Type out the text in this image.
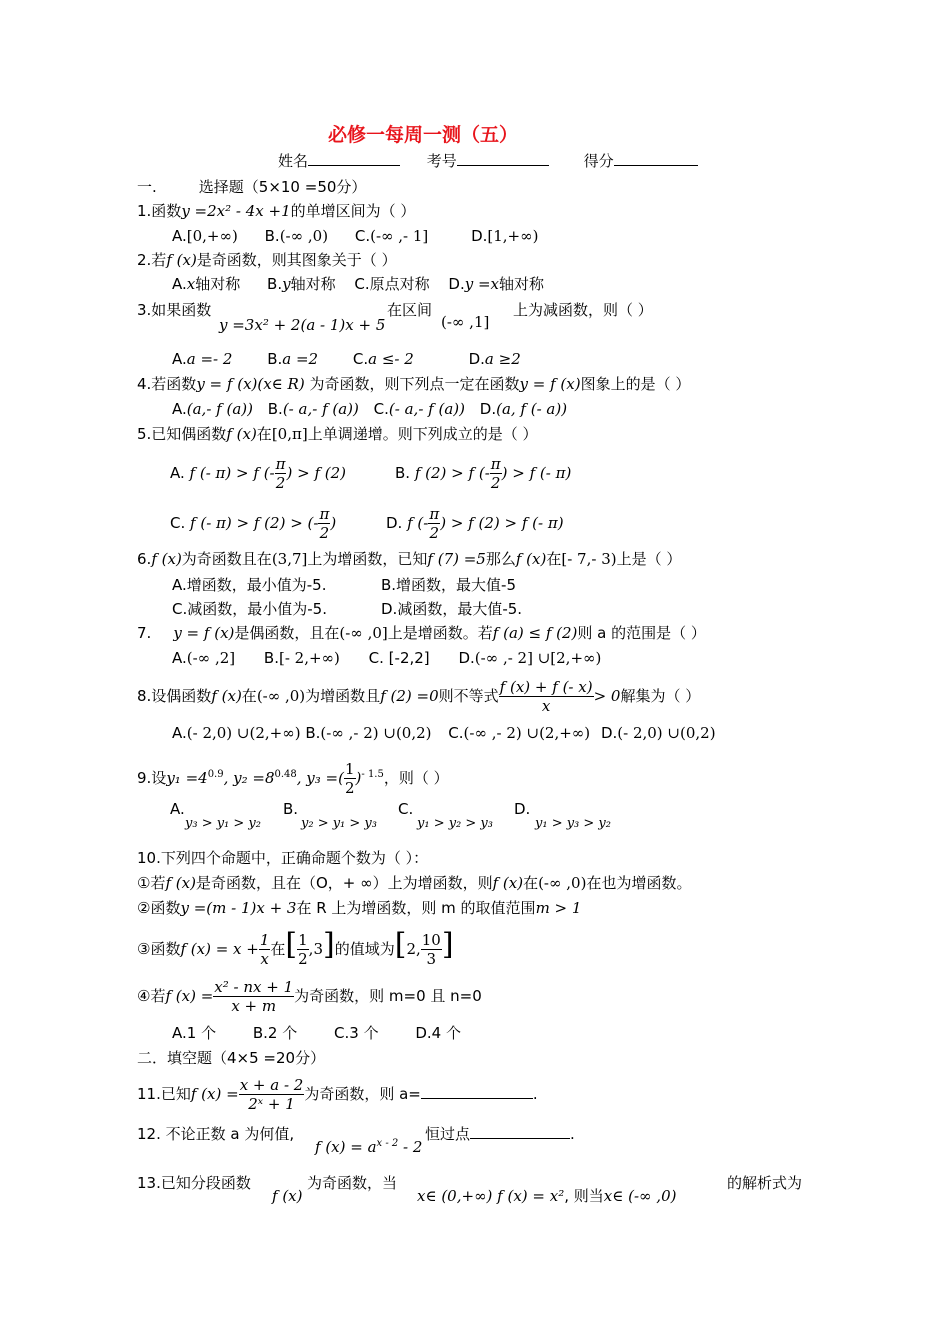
必修一每周一测（五）
姓名	考号	得分
一.	选择题（5×10 =50分）
1.函数y =2x² - 4x +1的单增区间为（ ）
A.[0,+∞) B.(-∞ ,0) C.(-∞ ,- 1]	D.[1,+∞)
2.若f (x)是奇函数，则其图象关于（ ）
A.x轴对称 B.y轴对称 C.原点对称 D.y =x轴对称
3.如果函数
y =3x² + 2(a - 1)x + 5
在区间
(-∞ ,1]
上为减函数，则（ ）
A.a =- 2 B.a =2 C.a ≤- 2	D.a ≥2
4.若函数y = f (x)(x∈ R) 为奇函数，则下列点一定在函数y = f (x)图象上的是（ ）
A.(a,- f (a)) B.(- a,- f (a)) C.(- a,- f (a)) D.(a, f (- a))
5.已知偶函数f (x)在[0,π]上单调递增。则下列成立的是（ ）
A. f (- π) > f (- $\frac{\pi}{2}$ ) > f (2)	B. f (2) > f (- $\frac{\pi}{2}$ ) > f (- π)
C. f (- π) > f (2) > (- $\frac{\pi}{2}$ )	D. f (- $\frac{\pi}{2}$ ) > f (2) > f (- π)
6.f (x)为奇函数且在(3,7]上为增函数，已知f (7) =5那么f (x)在[- 7,- 3)上是（ ）
A.增函数，最小值为-5.	B.增函数，最大值-5
C.减函数，最小值为-5.	D.减函数，最大值-5.
7. y = f (x)是偶函数，且在(-∞ ,0]上是增函数。若f (a) ≤ f (2)则 a 的范围是（ ）
A.(-∞ ,2] B.[- 2,+∞) C. [-2,2] D.(-∞ ,- 2] ∪[2,+∞)
8.设偶函数f (x)在(-∞ ,0)为增函数且f (2) =0则不等式 $\frac{f (x) + f (- x)}{x} > 0$解集为（ ）
A.(- 2,0) ∪(2,+∞) B.(-∞ ,- 2) ∪(0,2) C.(-∞ ,- 2) ∪(2,+∞) D.(- 2,0) ∪(0,2)
9.设$y_1 =4^{0.9}$, $y_2 =8^{0.48}$, y₃ =( $\frac{1}{2} )^{- 1.5}$，则（ ）
A.	B.	C.	D.
y₃ > y₁ > y₂	y₂ > y₁ > y₃	y₁ > y₂ > y₃	y₁ > y₃ > y₂
10.下列四个命题中，正确命题个数为（ ）：
①若f (x)是奇函数，且在（O，+ ∞）上为增函数，则f (x)在(-∞ ,0)在也为增函数。
②函数y =(m - 1)x + 3在 R 上为增函数，则 m 的取值范围m > 1
③函数f $(x) = x + \frac{1}{x}$ 在[ $\frac{1}{2} ,3$]的值域为[2, $\frac{10}{3}$ ]
④若f $(x) = \frac{\text{x² - nx + 1}}{x + m}$ 为奇函数，则 m=0 且 n=0
A.1 个 B.2 个 C.3 个 D.4 个
二．填空题（4×5 =20分）
11.已知f $(x) = \frac{x + a - 2}{\text{2ˣ + 1}}$ 为奇函数，则 a=	.
12. 不论正数 a 为何值,
f $(x) = a^{x - 2} - 2$
恒过点	.
13.已知分段函数
f (x)
为奇函数，当
x∈ (0,+∞) f (x) = x², 则当x∈ (-∞ ,0)
的解析式为
